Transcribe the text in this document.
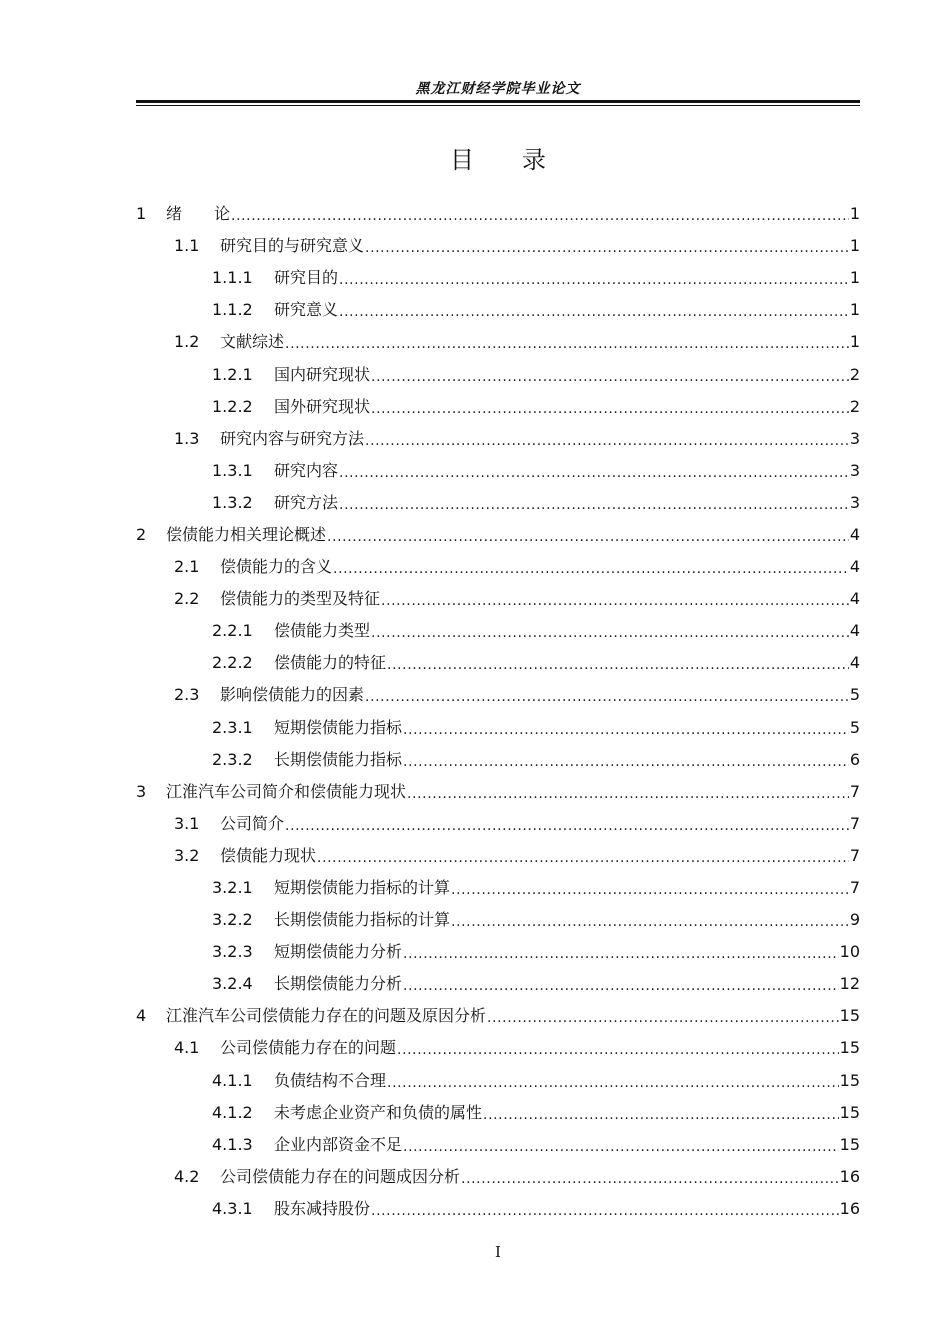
黑龙江财经学院毕业论文
目 录
1	绪　　论 .....	1
1.1	研究目的与研究意义 .....	1
1.1.1	研究目的 .....	1
1.1.2	研究意义 .....	1
1.2	文献综述 .....	1
1.2.1	国内研究现状 .....	2
1.2.2	国外研究现状 .....	2
1.3	研究内容与研究方法 .....	3
1.3.1	研究内容 .....	3
1.3.2	研究方法 .....	3
2	偿债能力相关理论概述 .....	4
2.1	偿债能力的含义 .....	4
2.2	偿债能力的类型及特征 .....	4
2.2.1	偿债能力类型 .....	4
2.2.2	偿债能力的特征 .....	4
2.3	影响偿债能力的因素 .....	5
2.3.1	短期偿债能力指标 .....	5
2.3.2	长期偿债能力指标 .....	6
3	江淮汽车公司简介和偿债能力现状 .....	7
3.1	公司简介 .....	7
3.2	偿债能力现状 .....	7
3.2.1	短期偿债能力指标的计算 .....	7
3.2.2	长期偿债能力指标的计算 .....	9
3.2.3	短期偿债能力分析 .....	10
3.2.4	长期偿债能力分析 .....	12
4	江淮汽车公司偿债能力存在的问题及原因分析 .....	15
4.1	公司偿债能力存在的问题 .....	15
4.1.1	负债结构不合理 .....	15
4.1.2	未考虑企业资产和负债的属性 .....	15
4.1.3	企业内部资金不足 .....	15
4.2	公司偿债能力存在的问题成因分析 .....	16
4.3.1	股东减持股份 .....	16
I
